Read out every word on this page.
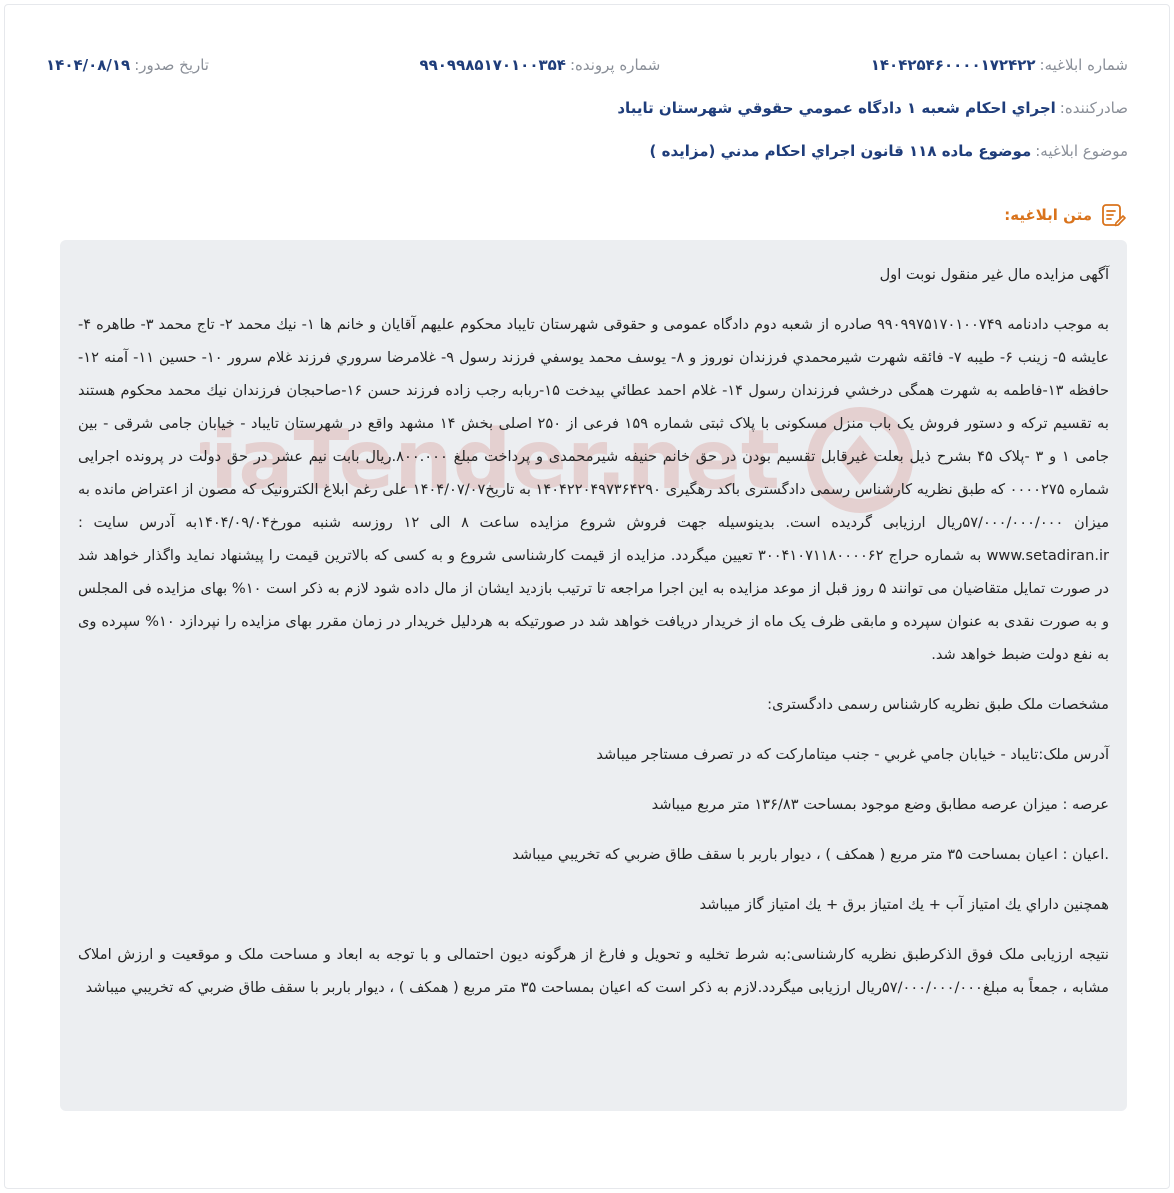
شماره ابلاغیه:
۱۴۰۴۲۵۴۶۰۰۰۰۱۷۲۴۲۲
شماره پرونده:
۹۹۰۹۹۸۵۱۷۰۱۰۰۳۵۴
تاریخ صدور:
۱۴۰۴/۰۸/۱۹
صادرکننده:
اجراي احكام شعبه ۱ دادگاه عمومي حقوقي شهرستان تایباد
موضوع ابلاغیه:
موضوع ماده ۱۱۸ قانون اجراي احكام مدني (مزایده )
متن ابلاغیه:
iaTender.net

آگهی مزایده مال غیر منقول نوبت اول

به موجب دادنامه ۹۹۰۹۹۷۵۱۷۰۱۰۰۷۴۹ صادره از شعبه دوم دادگاه عمومی و حقوقی شهرستان تایباد محکوم علیهم آقایان و خانم ها ۱- نیك محمد ۲- تاج محمد ۳- طاهره ۴- عایشه ۵- زینب ۶- طیبه ۷- فائقه شهرت شیرمحمدي فرزندان نوروز و ۸- یوسف محمد یوسفي فرزند رسول ۹- غلامرضا سروري فرزند غلام سرور ۱۰- حسین ۱۱- آمنه ۱۲- حافظه ۱۳-فاطمه به شهرت همگی درخشي فرزندان رسول ۱۴- غلام احمد عطائي بیدخت ۱۵-ربابه رجب زاده فرزند حسن ۱۶-صاحبجان فرزندان نیك محمد محکوم هستند به تقسیم ترکه و دستور فروش یک باب منزل مسکونی با پلاک ثبتی شماره ۱۵۹ فرعی از ۲۵۰ اصلی بخش ۱۴ مشهد واقع در شهرستان تایباد - خیابان جامی شرقی - بین جامی ۱ و ۳ -پلاک ۴۵ بشرح ذیل بعلت غیرقابل تقسیم بودن در حق خانم حنیفه شیرمحمدی و پرداخت مبلغ ۸۰۰.۰۰۰.ریال بابت نیم عشر در حق دولت در پرونده اجرایی شماره ۰۰۰۰۲۷۵ که طبق نظریه کارشناس رسمی دادگستری باکد رهگیری ۱۴۰۴۲۲۰۴۹۷۳۶۴۲۹۰ به تاریخ۱۴۰۴/۰۷/۰۷ علی رغم ابلاغ الکترونیک که مصون از اعتراض مانده به میزان ۵۷/۰۰۰/۰۰۰/۰۰۰ریال ارزیابی گردیده است. بدینوسیله جهت فروش شروع مزایده ساعت ۸ الی ۱۲ روزسه شنبه مورخ۱۴۰۴/۰۹/۰۴به آدرس سایت : www.setadiran.ir به شماره حراج ۳۰۰۴۱۰۷۱۱۸۰۰۰۰۶۲ تعیین میگردد. مزایده از قیمت کارشناسی شروع و به کسی که بالاترین قیمت را پیشنهاد نماید واگذار خواهد شد در صورت تمایل متقاضیان می توانند ۵ روز قبل از موعد مزایده به این اجرا مراجعه تا ترتیب بازدید ایشان از مال داده شود لازم به ذکر است ۱۰% بهای مزایده فی المجلس و به صورت نقدی به عنوان سپرده و مابقی ظرف یک ماه از خریدار دریافت خواهد شد در صورتیکه به هردلیل خریدار در زمان مقرر بهای مزایده را نپردازد ۱۰% سپرده وی به نفع دولت ضبط خواهد شد.

مشخصات ملک طبق نظریه کارشناس رسمی دادگستری:

آدرس ملک:تایباد - خیابان جامي غربي - جنب میتامارکت که در تصرف مستاجر میباشد

عرصه : میزان عرصه مطابق وضع موجود بمساحت ۱۳۶/۸۳ متر مربع میباشد

.اعیان : اعیان بمساحت ۳۵ متر مربع ( همکف ) ، دیوار باربر با سقف طاق ضربي که تخریبي میباشد

همچنین داراي یك امتیاز آب + یك امتیاز برق + یك امتیاز گاز میباشد

نتیجه ارزیابی ملک فوق الذکرطبق نظریه کارشناسی:به شرط تخلیه و تحویل و فارغ از هرگونه دیون احتمالی و با توجه به ابعاد و مساحت ملک و موقعیت و ارزش املاک مشابه ، جمعاً به مبلغ۵۷/۰۰۰/۰۰۰/۰۰۰ریال ارزیابی میگردد.لازم به ذکر است که اعیان بمساحت ۳۵ متر مربع ( همکف ) ، دیوار باربر با سقف طاق ضربي که تخریبي میباشد
